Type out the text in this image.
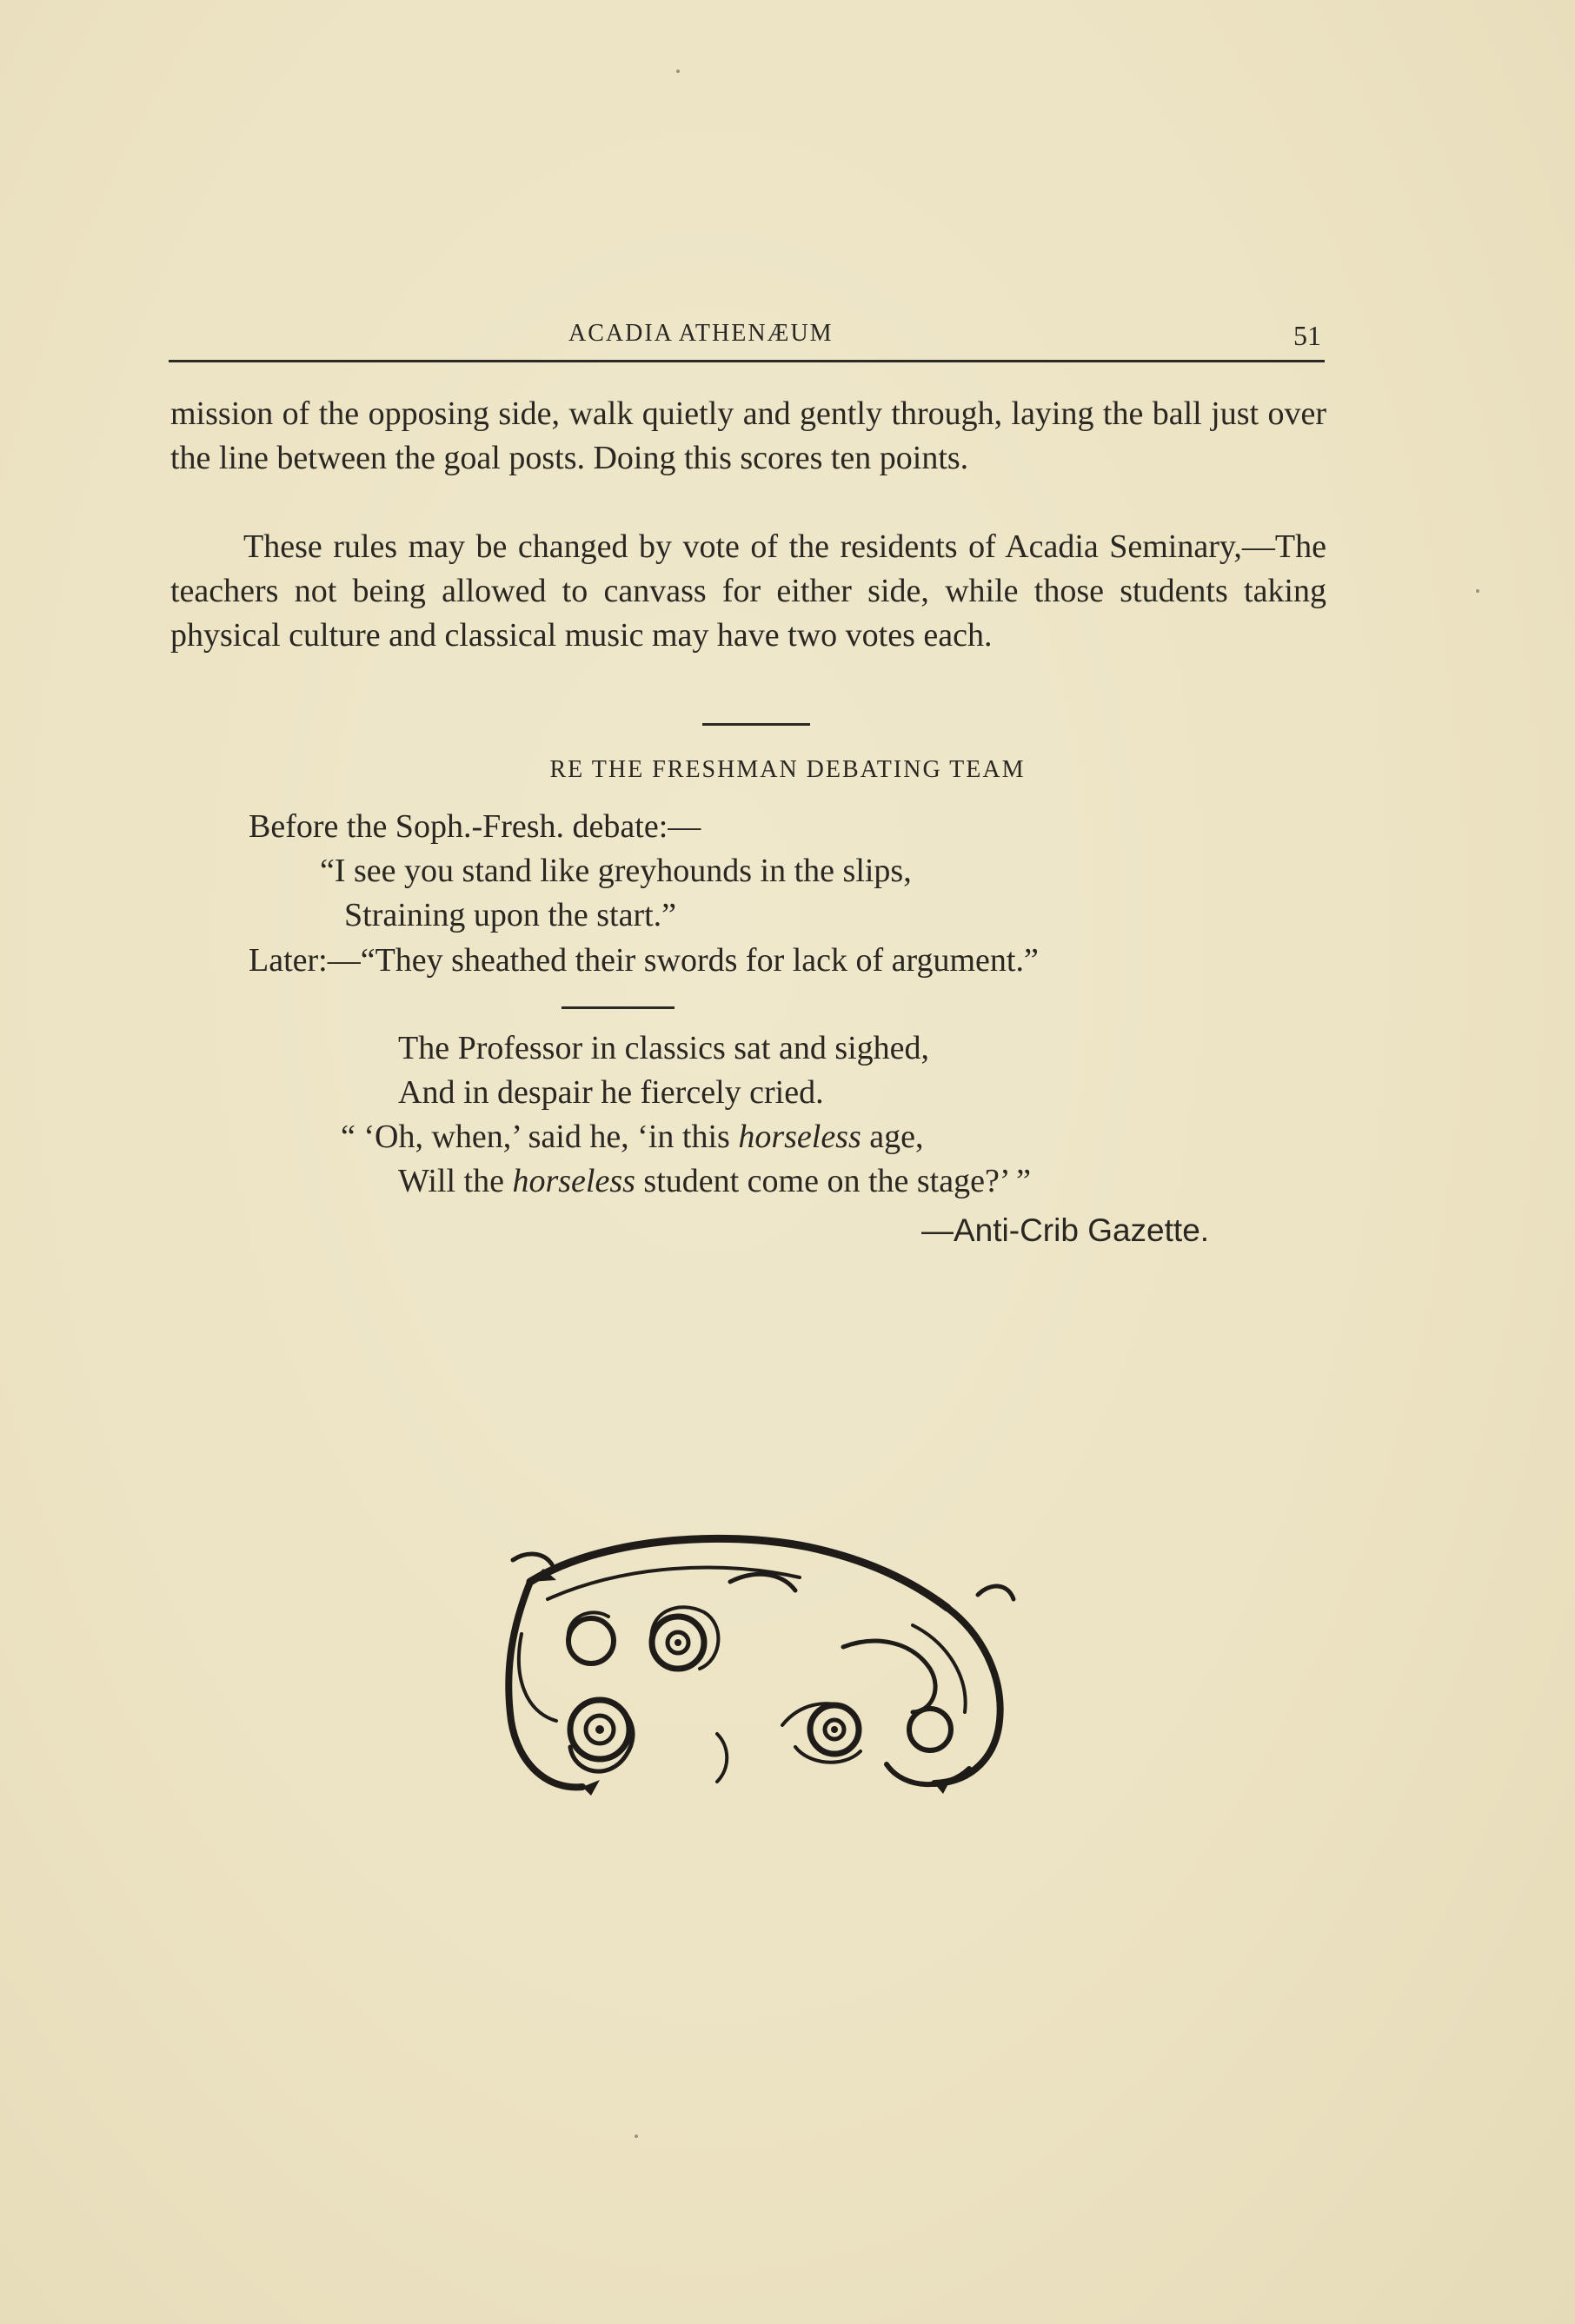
ACADIA ATHENÆUM	51

mission of the opposing side, walk quietly and gently through, laying the ball just over the line between the goal posts. Doing this scores ten points.

These rules may be changed by vote of the residents of Acadia Seminary,—The teachers not being allowed to canvass for either side, while those students taking physical culture and classical music may have two votes each.

RE THE FRESHMAN DEBATING TEAM
Before the Soph.-Fresh. debate:—
“I see you stand like greyhounds in the slips,
Straining upon the start.”
Later:—“They sheathed their swords for lack of argument.”
The Professor in classics sat and sighed,
And in despair he fiercely cried.
“ ‘Oh, when,’ said he, ‘in this horseless age,
Will the horseless student come on the stage?’ ”
—Anti-Crib Gazette.
